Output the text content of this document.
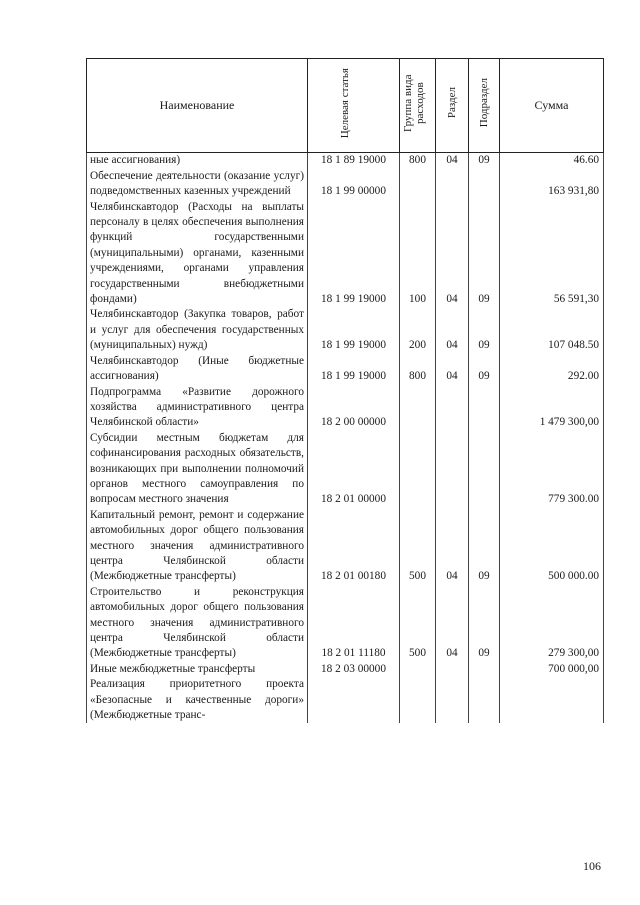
Наименование	Целевая статья	Группа вида расходов	Раздел	Подраздел	Сумма
ные ассигнования)	18 1 89 19000	800	04	09	46.60
Обеспечение деятельности (оказание услуг) подведомственных казенных учреждений	18 1 99 00000				163 931,80
Челябинскавтодор (Расходы на выплаты персоналу в целях обеспечения выполнения функций государственными (муниципальными) органами, казенными учреждениями, органами управления государственными внебюджетными фондами)	18 1 99 19000	100	04	09	56 591,30
Челябинскавтодор (Закупка товаров, работ и услуг для обеспечения государственных (муниципальных) нужд)	18 1 99 19000	200	04	09	107 048.50
Челябинскавтодор (Иные бюджетные ассигнования)	18 1 99 19000	800	04	09	292.00
Подпрограмма «Развитие дорожного хозяйства административного центра Челябинской области»	18 2 00 00000				1 479 300,00
Субсидии местным бюджетам для софинансирования расходных обязательств, возникающих при выполнении полномочий органов местного самоуправления по вопросам местного значения	18 2 01 00000				779 300.00
Капитальный ремонт, ремонт и содержание автомобильных дорог общего пользования местного значения административного центра Челябинской области (Межбюджетные трансферты)	18 2 01 00180	500	04	09	500 000.00
Строительство и реконструкция автомобильных дорог общего пользования местного значения административного центра Челябинской области (Межбюджетные трансферты)	18 2 01 11180	500	04	09	279 300,00
Иные межбюджетные трансферты	18 2 03 00000				700 000,00
Реализация приоритетного проекта «Безопасные и качественные дороги» (Межбюджетные транс-					
106
